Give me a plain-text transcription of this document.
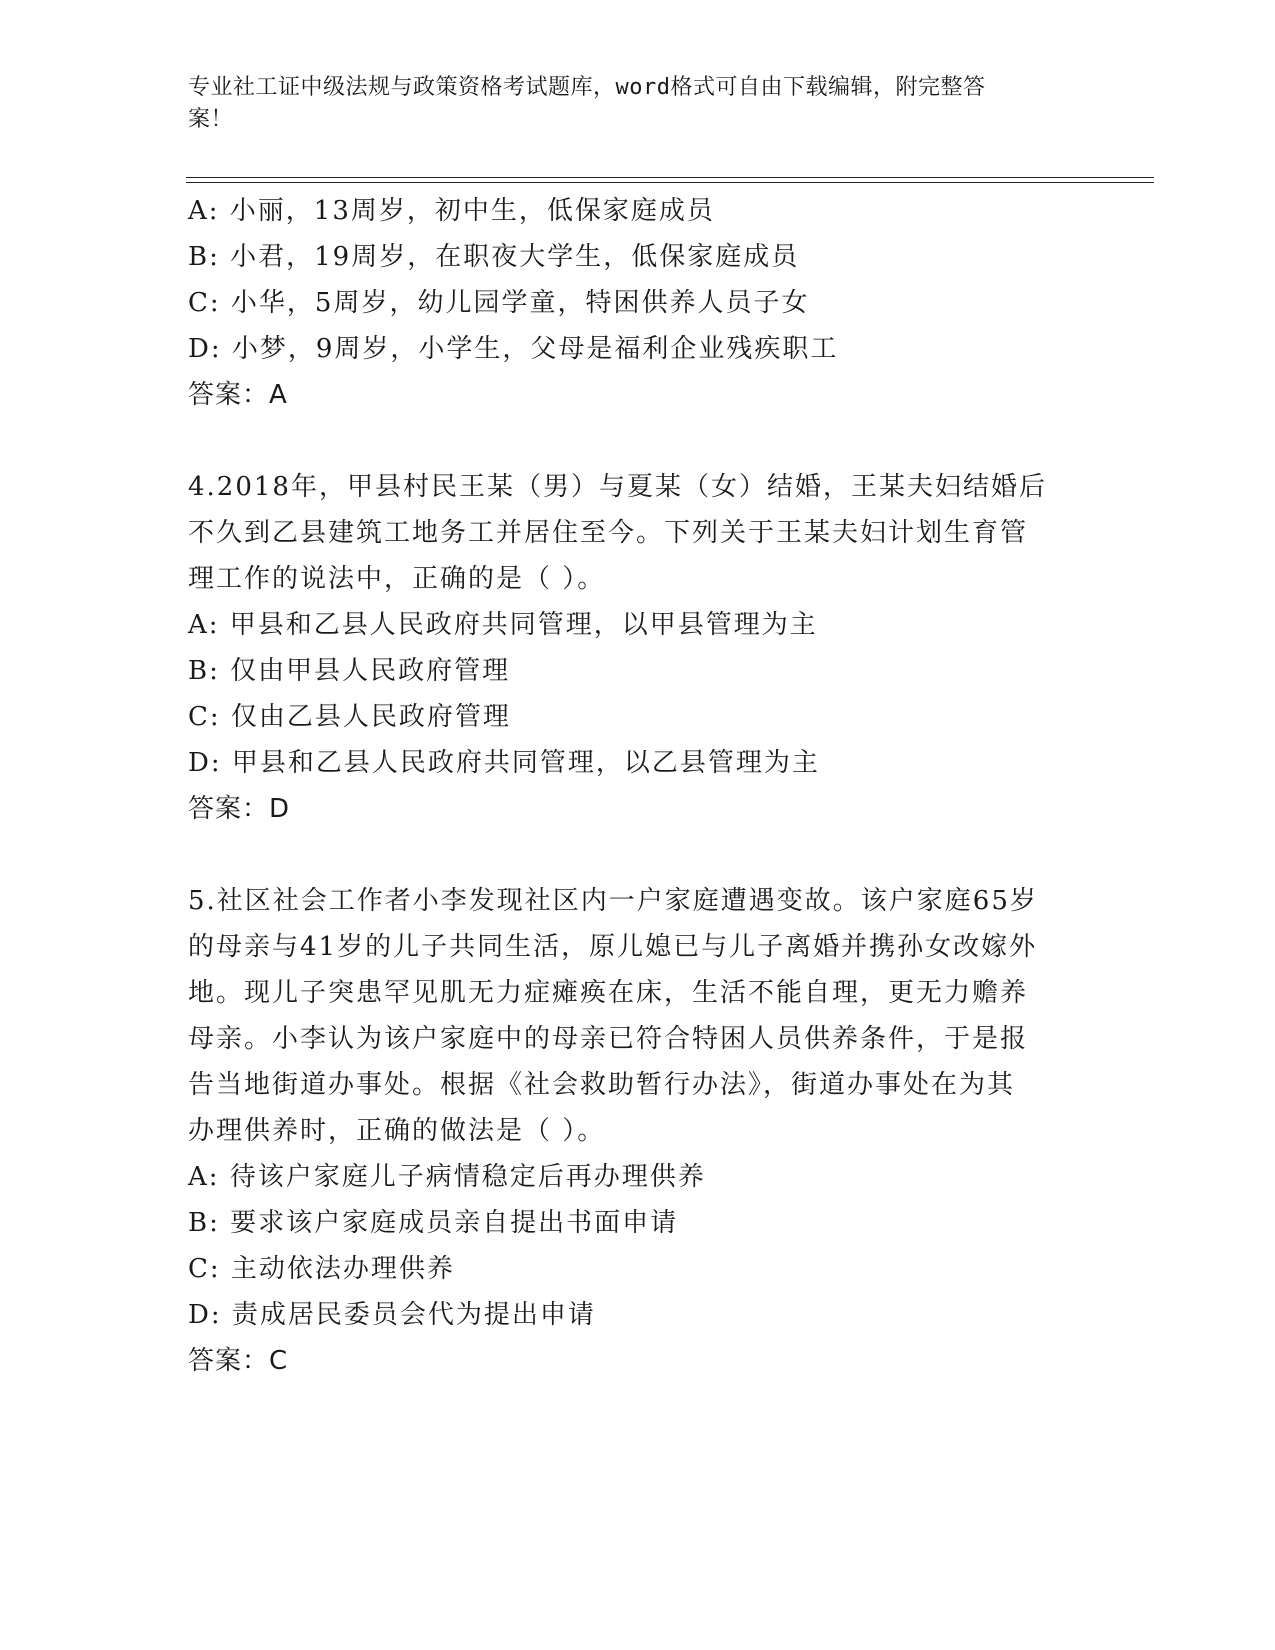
专业社工证中级法规与政策资格考试题库，word格式可自由下载编辑，附完整答
案！
A: 小丽，13周岁，初中生，低保家庭成员
B: 小君，19周岁，在职夜大学生，低保家庭成员
C: 小华，5周岁，幼儿园学童，特困供养人员子女
D: 小梦，9周岁，小学生，父母是福利企业残疾职工
答案：A
4.2018年，甲县村民王某（男）与夏某（女）结婚，王某夫妇结婚后
不久到乙县建筑工地务工并居住至今。下列关于王某夫妇计划生育管
理工作的说法中，正确的是（ ）。
A: 甲县和乙县人民政府共同管理，以甲县管理为主
B: 仅由甲县人民政府管理
C: 仅由乙县人民政府管理
D: 甲县和乙县人民政府共同管理，以乙县管理为主
答案：D
5.社区社会工作者小李发现社区内一户家庭遭遇变故。该户家庭65岁
的母亲与41岁的儿子共同生活，原儿媳已与儿子离婚并携孙女改嫁外
地。现儿子突患罕见肌无力症瘫痪在床，生活不能自理，更无力赡养
母亲。小李认为该户家庭中的母亲已符合特困人员供养条件，于是报
告当地街道办事处。根据《社会救助暂行办法》，街道办事处在为其
办理供养时，正确的做法是（ ）。
A: 待该户家庭儿子病情稳定后再办理供养
B: 要求该户家庭成员亲自提出书面申请
C: 主动依法办理供养
D: 责成居民委员会代为提出申请
答案：C
